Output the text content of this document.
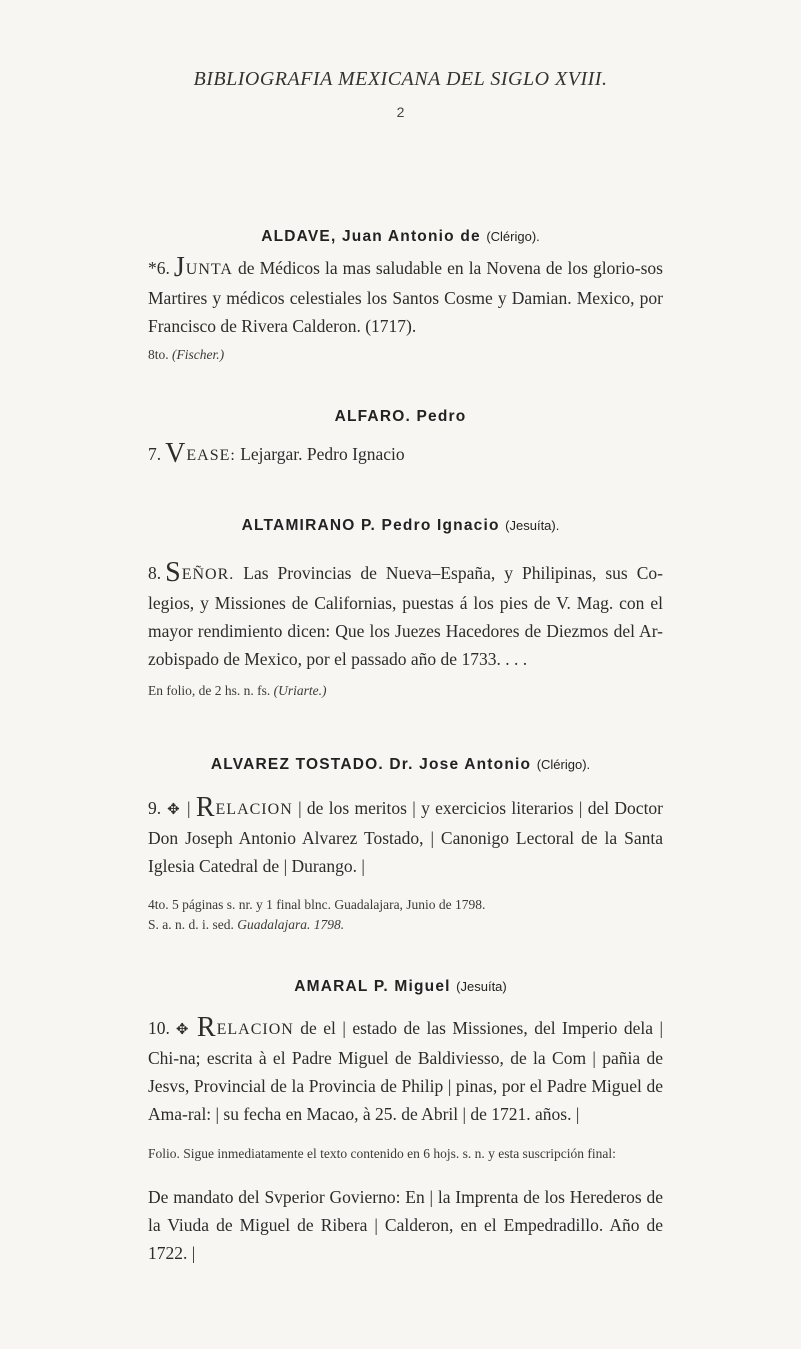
BIBLIOGRAFIA MEXICANA DEL SIGLO XVIII.
2
ALDAVE, Juan Antonio de (Clérigo).
*6. JUNTA de Médicos la mas saludable en la Novena de los glorio-sos Martires y médicos celestiales los Santos Cosme y Damian. Mexico, por Francisco de Rivera Calderon. (1717).
8to. (Fischer.)
ALFARO. Pedro
7. VEASE: Lejargar. Pedro Ignacio
ALTAMIRANO P. Pedro Ignacio (Jesuíta).
8. SEÑOR. Las Provincias de Nueva–España, y Philipinas, sus Co-legios, y Missiones de Californias, puestas á los pies de V. Mag. con el mayor rendimiento dicen: Que los Juezes Hacedores de Diezmos del Ar-zobispado de Mexico, por el passado año de 1733. . . .
En folio, de 2 hs. n. fs. (Uriarte.)
ALVAREZ TOSTADO. Dr. Jose Antonio (Clérigo).
9. ✥ | RELACION | de los meritos | y exercicios literarios | del Doctor Don Joseph Antonio Alvarez Tostado, | Canonigo Lectoral de la Santa Iglesia Catedral de | Durango. |
4to. 5 páginas s. nr. y 1 final blnc. Guadalajara, Junio de 1798.
S. a. n. d. i. sed. Guadalajara. 1798.
AMARAL P. Miguel (Jesuíta)
10. ✥ RELACION de el | estado de las Missiones, del Imperio dela | Chi-na; escrita à el Padre Miguel de Baldiviesso, de la Com | pañia de Jesvs, Provincial de la Provincia de Philip | pinas, por el Padre Miguel de Ama-ral: | su fecha en Macao, à 25. de Abril | de 1721. años. |
Folio. Sigue inmediatamente el texto contenido en 6 hojs. s. n. y esta suscripción final:
De mandato del Svperior Govierno: En | la Imprenta de los Herederos de la Viuda de Miguel de Ribera | Calderon, en el Empedradillo. Año de 1722. |
